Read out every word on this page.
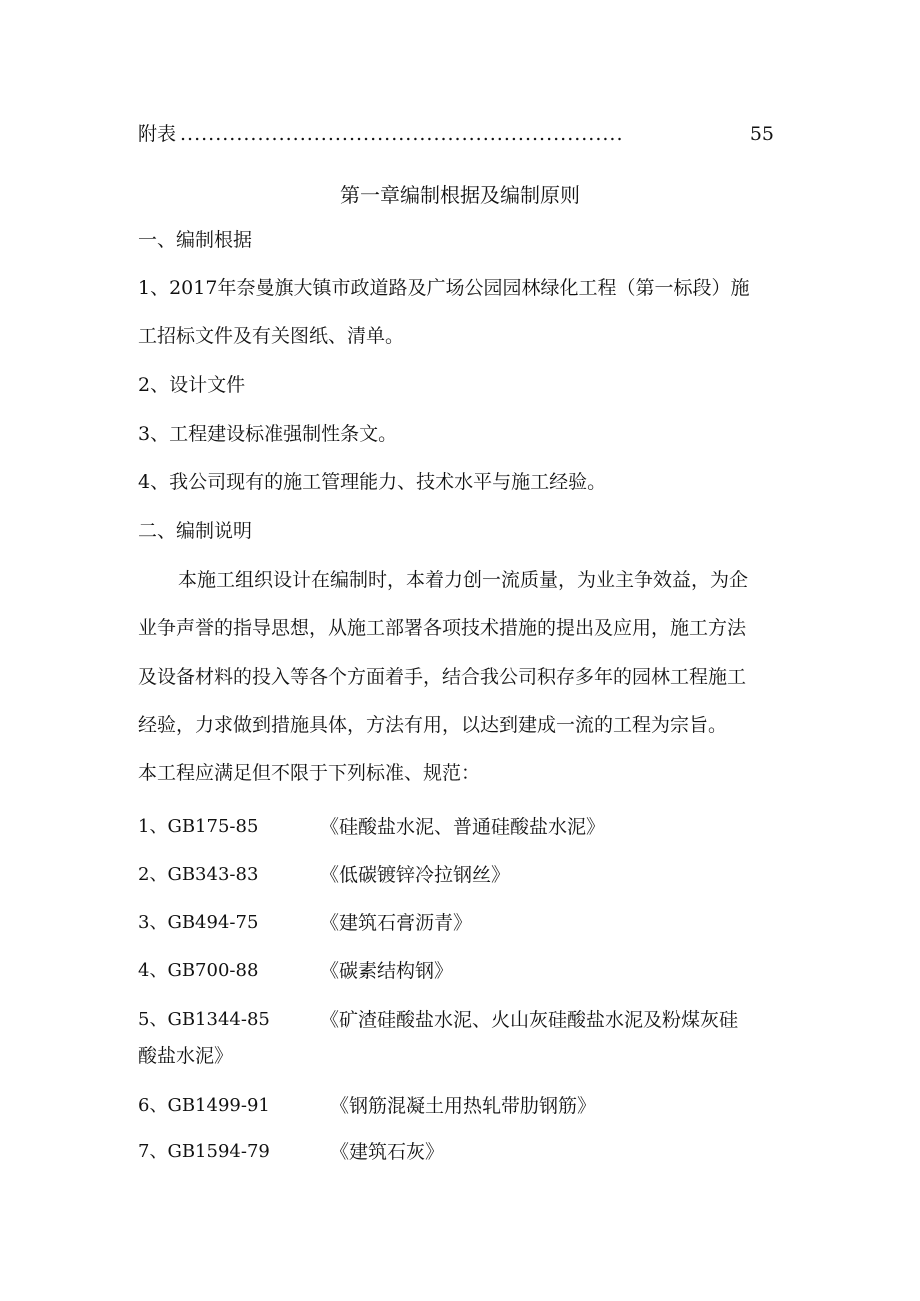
附表 ...............................................................	55
第一章编制根据及编制原则
一、编制根据
1、2017年奈曼旗大镇市政道路及广场公园园林绿化工程（第一标段）施
工招标文件及有关图纸、清单。
2、设计文件
3、工程建设标准强制性条文。
4、我公司现有的施工管理能力、技术水平与施工经验。
二、编制说明
本施工组织设计在编制时，本着力创一流质量，为业主争效益，为企
业争声誉的指导思想，从施工部署各项技术措施的提出及应用，施工方法
及设备材料的投入等各个方面着手，结合我公司积存多年的园林工程施工
经验，力求做到措施具体，方法有用，以达到建成一流的工程为宗旨。
本工程应满足但不限于下列标准、规范：
1、GB175-85	《硅酸盐水泥、普通硅酸盐水泥》
2、GB343-83	《低碳镀锌冷拉钢丝》
3、GB494-75	《建筑石膏沥青》
4、GB700-88	《碳素结构钢》
5、GB1344-85	《矿渣硅酸盐水泥、火山灰硅酸盐水泥及粉煤灰硅
酸盐水泥》
6、GB1499-91	《钢筋混凝土用热轧带肋钢筋》
7、GB1594-79	《建筑石灰》
